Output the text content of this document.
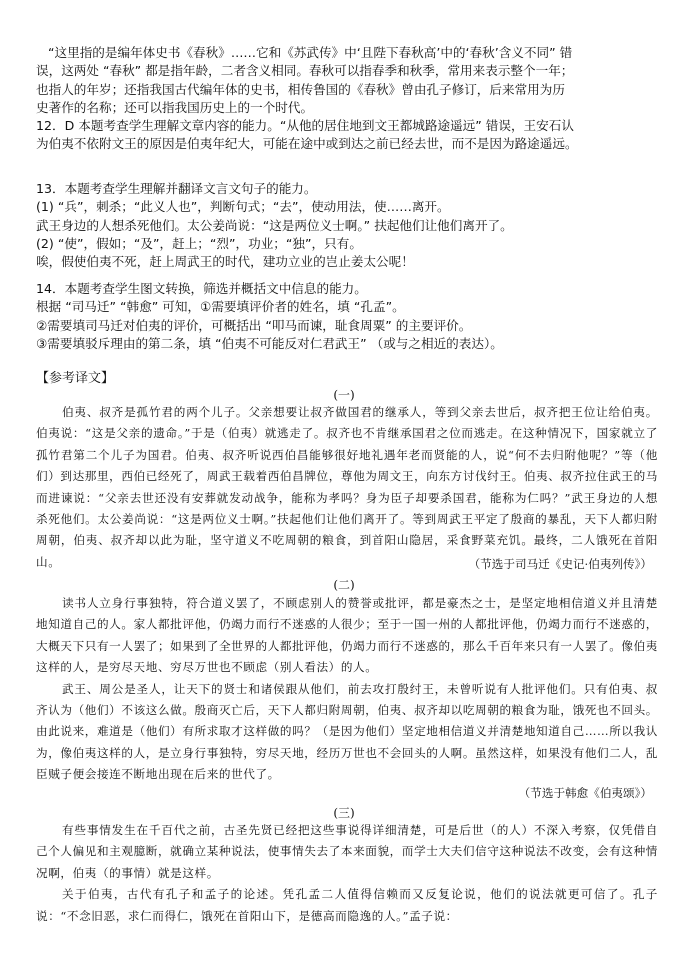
“这里指的是编年体史书《春秋》……它和《苏武传》中‘且陛下春秋高’中的‘春秋’含义不同” 错

误，这两处 “春秋” 都是指年龄，二者含义相同。春秋可以指春季和秋季，常用来表示整个一年；

也指人的年岁；还指我国古代编年体的史书，相传鲁国的《春秋》曾由孔子修订，后来常用为历

史著作的名称；还可以指我国历史上的一个时代。

12．D 本题考查学生理解文章内容的能力。“从他的居住地到文王都城路途遥远” 错误，王安石认

为伯夷不依附文王的原因是伯夷年纪大，可能在途中或到达之前已经去世，而不是因为路途遥远。

13．本题考查学生理解并翻译文言文句子的能力。

(1) “兵”，刺杀；“此义人也”，判断句式；“去”，使动用法，使……离开。

武王身边的人想杀死他们。太公姜尚说：“这是两位义士啊。” 扶起他们让他们离开了。

(2) “使”，假如；“及”，赶上；“烈”，功业；“独”，只有。

唉，假使伯夷不死，赶上周武王的时代，建功立业的岂止姜太公呢！

14．本题考查学生图文转换，筛选并概括文中信息的能力。

根据 “司马迁” “韩愈” 可知，①需要填评价者的姓名，填 “孔孟”。

②需要填司马迁对伯夷的评价，可概括出 “叩马而谏，耻食周粟” 的主要评价。

③需要填驳斥理由的第二条，填 “伯夷不可能反对仁君武王” （或与之相近的表达）。

【参考译文】

(一)

伯夷、叔齐是孤竹君的两个儿子。父亲想要让叔齐做国君的继承人，等到父亲去世后，叔齐把王位让给伯夷。伯夷说：“这是父亲的遗命。”于是（伯夷）就逃走了。叔齐也不肯继承国君之位而逃走。在这种情况下，国家就立了孤竹君第二个儿子为国君。伯夷、叔齐听说西伯昌能够很好地礼遇年老而贤能的人，说“何不去归附他呢？”等（他们）到达那里，西伯已经死了，周武王载着西伯昌牌位，尊他为周文王，向东方讨伐纣王。伯夷、叔齐拉住武王的马而进谏说：“父亲去世还没有安葬就发动战争，能称为孝吗？身为臣子却要杀国君，能称为仁吗？”武王身边的人想杀死他们。太公姜尚说：“这是两位义士啊。”扶起他们让他们离开了。等到周武王平定了殷商的暴乱，天下人都归附周朝，伯夷、叔齐却以此为耻，坚守道义不吃周朝的粮食，到首阳山隐居，采食野菜充饥。最终，二人饿死在首阳山。	（节选于司马迁《史记·伯夷列传》）
(二)

读书人立身行事独特，符合道义罢了，不顾虑别人的赞誉或批评，都是豪杰之士，是坚定地相信道义并且清楚地知道自己的人。家人都批评他，仍竭力而行不迷惑的人很少；至于一国一州的人都批评他，仍竭力而行不迷惑的，大概天下只有一人罢了；如果到了全世界的人都批评他，仍竭力而行不迷惑的，那么千百年来只有一人罢了。像伯夷这样的人，是穷尽天地、穷尽万世也不顾虑（别人看法）的人。

武王、周公是圣人，让天下的贤士和诸侯跟从他们，前去攻打殷纣王，未曾听说有人批评他们。只有伯夷、叔齐认为（他们）不该这么做。殷商灭亡后，天下人都归附周朝，伯夷、叔齐却以吃周朝的粮食为耻，饿死也不回头。由此说来，难道是（他们）有所求取才这样做的吗？（是因为他们）坚定地相信道义并清楚地知道自己……所以我认为，像伯夷这样的人，是立身行事独特，穷尽天地，经历万世也不会回头的人啊。虽然这样，如果没有他们二人，乱臣贼子便会接连不断地出现在后来的世代了。

（节选于韩愈《伯夷颂》）
(三)

有些事情发生在千百代之前，古圣先贤已经把这些事说得详细清楚，可是后世（的人）不深入考察，仅凭借自己个人偏见和主观臆断，就确立某种说法，使事情失去了本来面貌，而学士大夫们信守这种说法不改变，会有这种情况啊，伯夷（的事情）就是这样。

关于伯夷，古代有孔子和孟子的论述。凭孔孟二人值得信赖而又反复论说，他们的说法就更可信了。孔子说：“不念旧恶，求仁而得仁，饿死在首阳山下，是德高而隐逸的人。”孟子说：
